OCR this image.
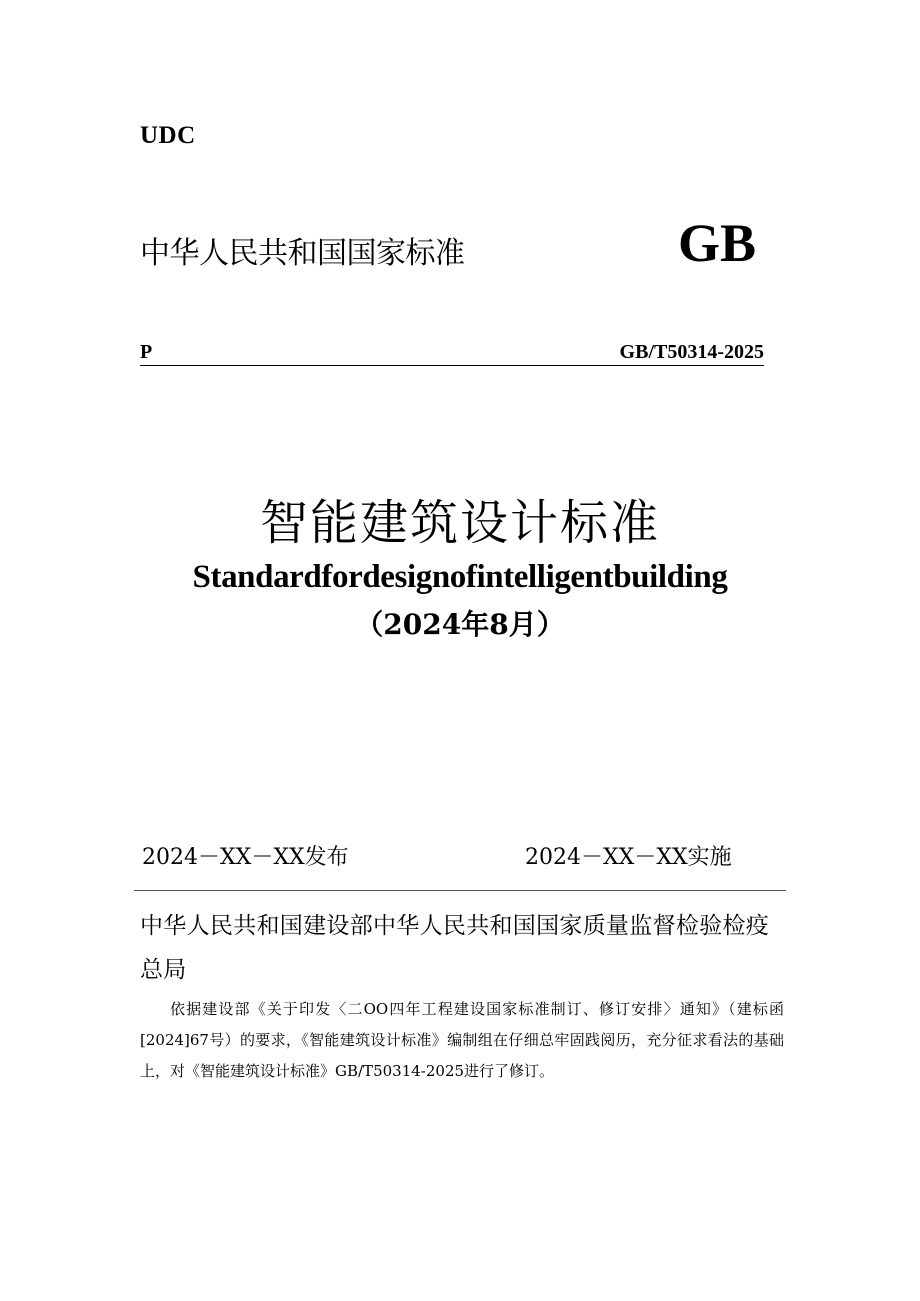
UDC
中华人民共和国国家标准	GB
P	GB/T50314-2025
智能建筑设计标准
Standardfordesignofintelligentbuilding
（2024年8月）
2024－XX－XX发布	2024－XX－XX实施
中华人民共和国建设部中华人民共和国国家质量监督检验检疫总局
依据建设部《关于印发〈二OO四年工程建设国家标准制订、修订安排〉通知》（建标函[2024]67号）的要求，《智能建筑设计标准》编制组在仔细总牢固践阅历，充分征求看法的基础上，对《智能建筑设计标准》GB/T50314-2025进行了修订。
